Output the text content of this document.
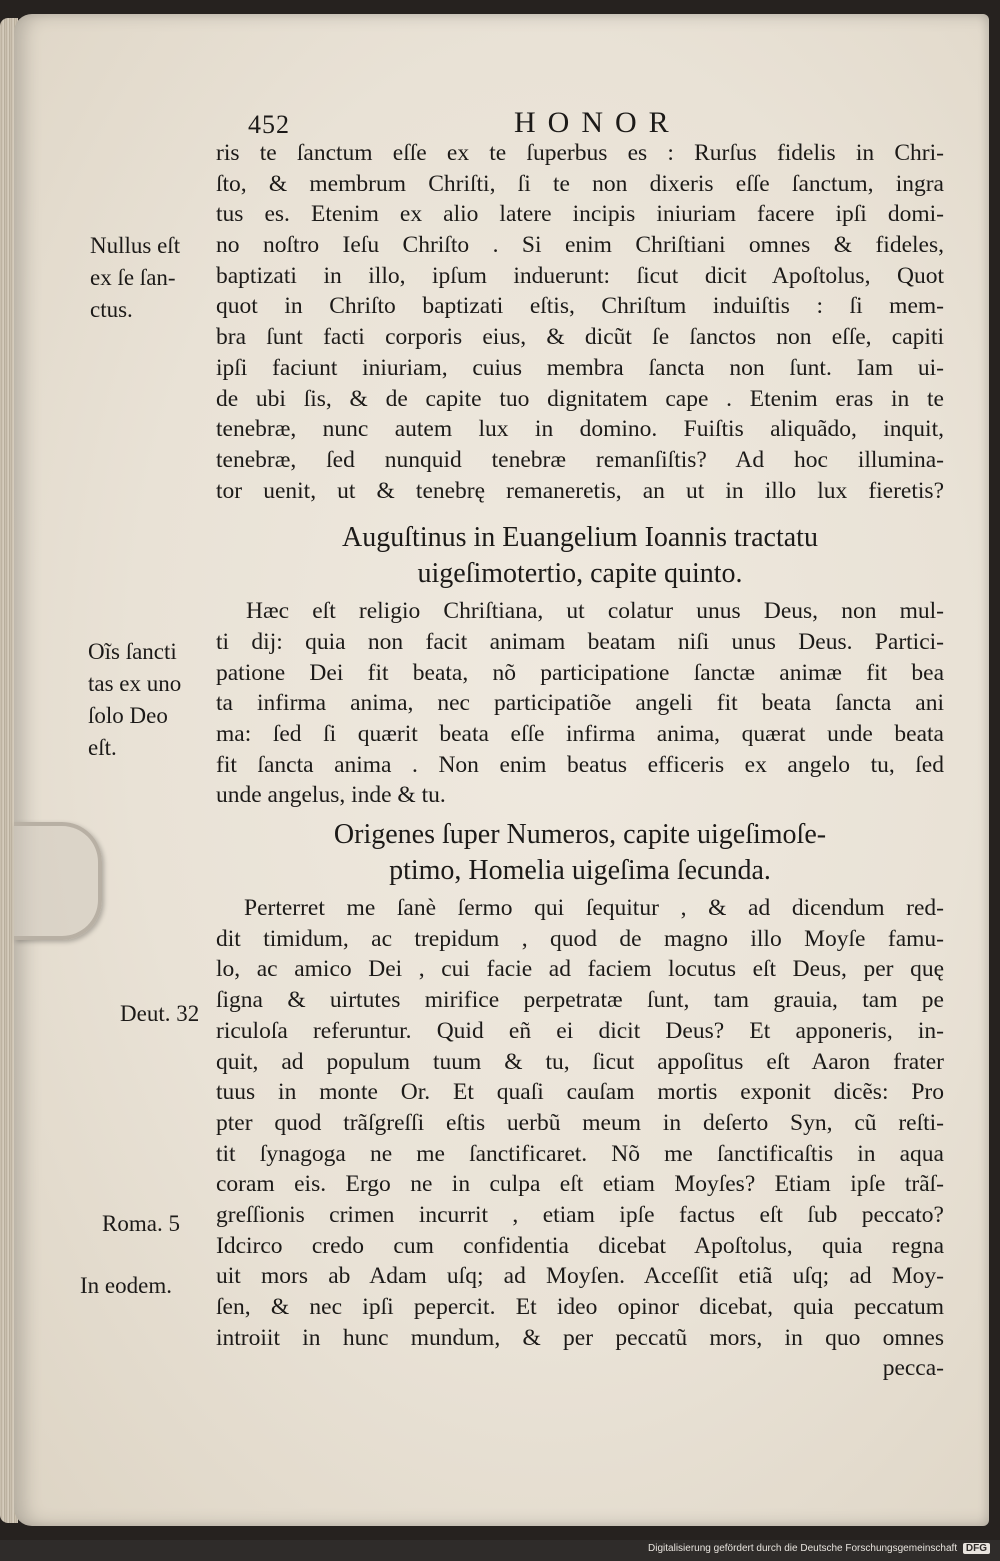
452	HONOR
Nullus eſt
ex ſe ſan-
ctus.
Oĩs ſancti
tas ex uno
ſolo Deo
eſt.
Deut. 32
Roma. 5
In eodem.
ris te ſanctum eſſe ex te ſuperbus es : Rurſus fidelis in Chri-
ſto, & membrum Chriſti, ſi te non dixeris eſſe ſanctum, ingra
tus es. Etenim ex alio latere incipis iniuriam facere ipſi domi-
no noſtro Ieſu Chriſto . Si enim Chriſtiani omnes & fideles,
baptizati in illo, ipſum induerunt: ſicut dicit Apoſtolus, Quot
quot in Chriſto baptizati eſtis, Chriſtum induiſtis : ſi mem-
bra ſunt facti corporis eius, & dicũt ſe ſanctos non eſſe, capiti
ipſi faciunt iniuriam, cuius membra ſancta non ſunt. Iam ui-
de ubi ſis, & de capite tuo dignitatem cape . Etenim eras in te
tenebræ, nunc autem lux in domino. Fuiſtis aliquãdo, inquit,
tenebræ, ſed nunquid tenebræ remanſiſtis? Ad hoc illumina-
tor uenit, ut & tenebrę remaneretis, an ut in illo lux fieretis?
Auguſtinus in Euangelium Ioannis tractatu
uigeſimotertio, capite quinto.
Hæc eſt religio Chriſtiana, ut colatur unus Deus, non mul-
ti dij: quia non facit animam beatam niſi unus Deus. Partici-
patione Dei fit beata, nõ participatione ſanctæ animæ fit bea
ta infirma anima, nec participatiõe angeli fit beata ſancta ani
ma: ſed ſi quærit beata eſſe infirma anima, quærat unde beata
fit ſancta anima . Non enim beatus efficeris ex angelo tu, ſed
unde angelus, inde & tu.
Origenes ſuper Numeros, capite uigeſimoſe-
ptimo, Homelia uigeſima ſecunda.
Perterret me ſanè ſermo qui ſequitur , & ad dicendum red-
dit timidum, ac trepidum , quod de magno illo Moyſe famu-
lo, ac amico Dei , cui facie ad faciem locutus eſt Deus, per quę
ſigna & uirtutes mirifice perpetratæ ſunt, tam grauia, tam pe
riculoſa referuntur. Quid eñ ei dicit Deus? Et apponeris, in-
quit, ad populum tuum & tu, ſicut appoſitus eſt Aaron frater
tuus in monte Or. Et quaſi cauſam mortis exponit dicẽs: Pro
pter quod trãſgreſſi eſtis uerbũ meum in deſerto Syn, cũ reſti-
tit ſynagoga ne me ſanctificaret. Nõ me ſanctificaſtis in aqua
coram eis. Ergo ne in culpa eſt etiam Moyſes? Etiam ipſe trãſ-
greſſionis crimen incurrit , etiam ipſe factus eſt ſub peccato?
Idcirco credo cum confidentia dicebat Apoſtolus, quia regna
uit mors ab Adam uſq; ad Moyſen. Acceſſit etiã uſq; ad Moy-
ſen, & nec ipſi pepercit. Et ideo opinor dicebat, quia peccatum
introiit in hunc mundum, & per peccatũ mors, in quo omnes
pecca-
Digitalisierung gefördert durch die Deutsche Forschungsgemeinschaft DFG
